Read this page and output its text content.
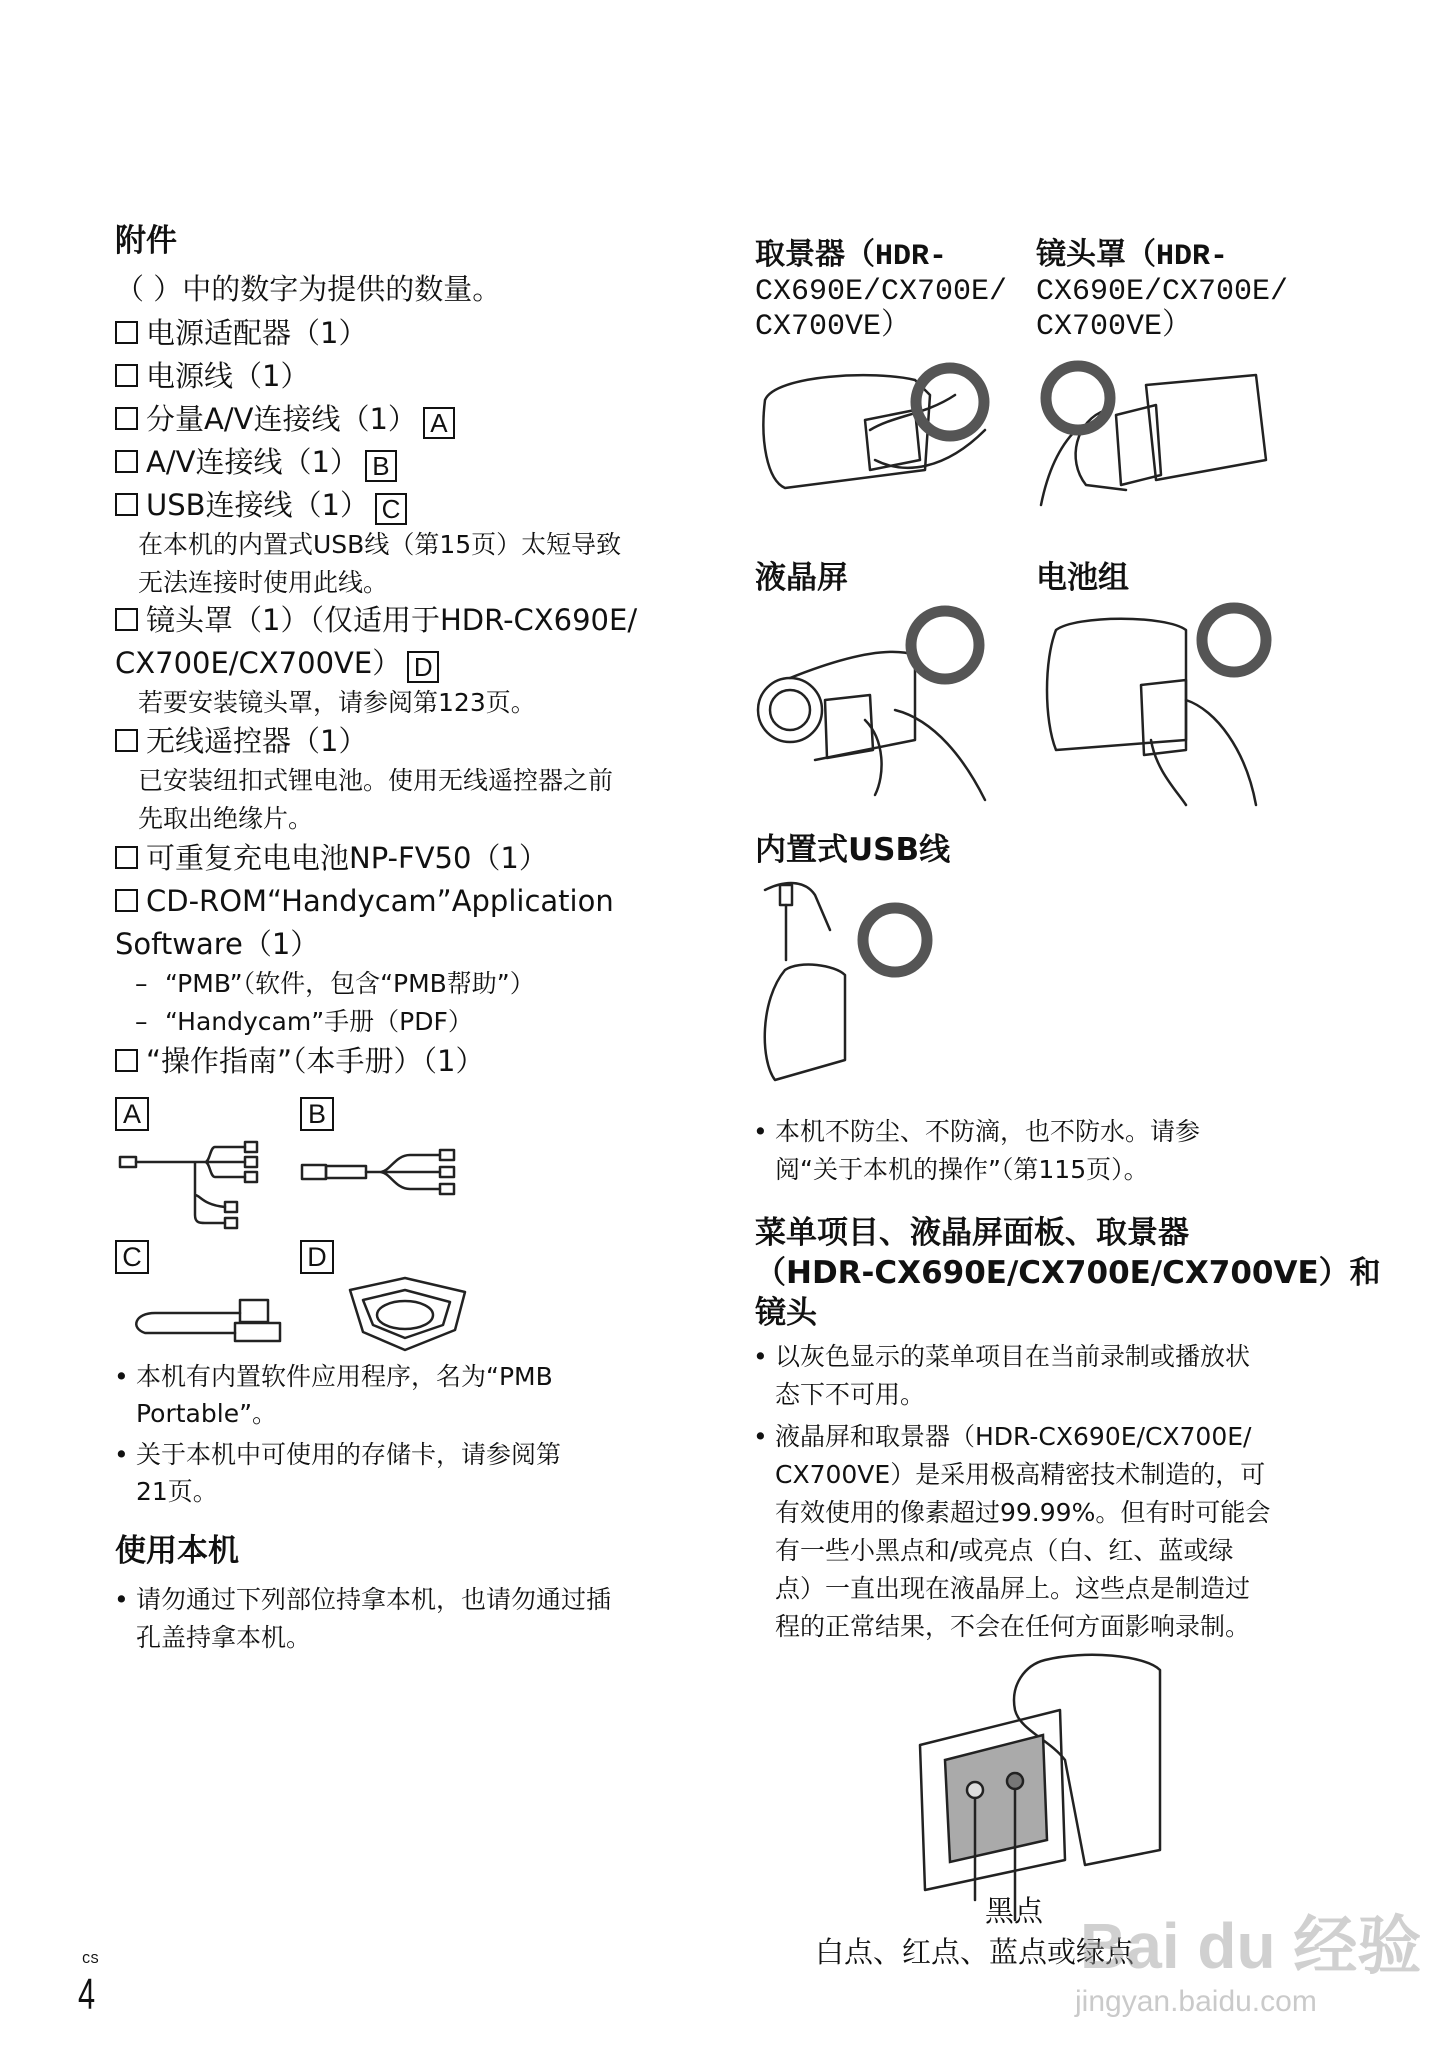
附件
（ ）中的数字为提供的数量。
电源适配器（1）
电源线（1）
分量A/V连接线（1） A
A/V连接线（1） B
USB连接线（1） C
在本机的内置式USB线（第15页）太短导致
无法连接时使用此线。
镜头罩（1）（仅适用于HDR-CX690E/
CX700E/CX700VE） D
若要安装镜头罩，请参阅第123页。
无线遥控器（1）
已安装纽扣式锂电池。使用无线遥控器之前
先取出绝缘片。
可重复充电电池NP-FV50（1）
CD-ROM“Handycam”Application
Software（1）
“PMB”（软件，包含“PMB帮助”）
“Handycam”手册（PDF）
“操作指南”（本手册）（1）
A	B
C	D
本机有内置软件应用程序，名为“PMB
Portable”。
关于本机中可使用的存储卡，请参阅第
21页。
使用本机
请勿通过下列部位持拿本机，也请勿通过插
孔盖持拿本机。
取景器（HDR-
CX690E/CX700E/
CX700VE）
镜头罩（HDR-
CX690E/CX700E/
CX700VE）
液晶屏	电池组
内置式USB线
本机不防尘、不防滴，也不防水。请参
阅“关于本机的操作”（第115页）。
菜单项目、液晶屏面板、取景器
（HDR-CX690E/CX700E/CX700VE）和
镜头
以灰色显示的菜单项目在当前录制或播放状
态下不可用。
液晶屏和取景器（HDR-CX690E/CX700E/
CX700VE）是采用极高精密技术制造的，可
有效使用的像素超过99.99%。但有时可能会
有一些小黑点和/或亮点（白、红、蓝或绿
点）一直出现在液晶屏上。这些点是制造过
程的正常结果，不会在任何方面影响录制。
黑点
白点、红点、蓝点或绿点
CS
4
Bai du 经验
jingyan.baidu.com
